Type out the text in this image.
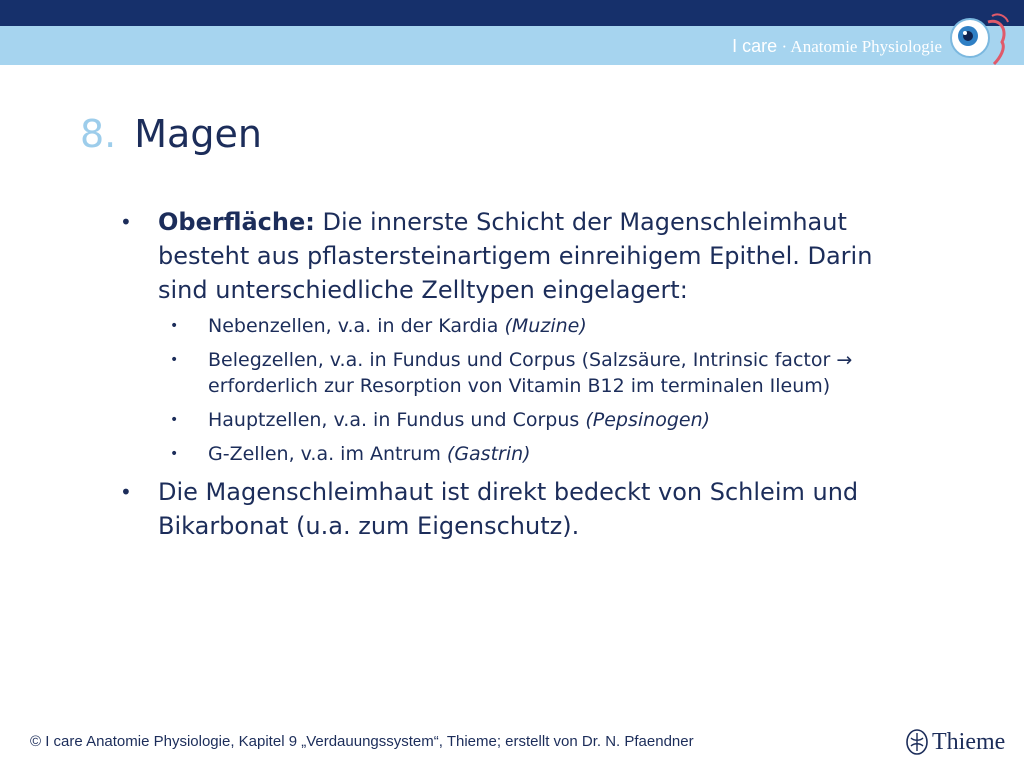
I care · Anatomie Physiologie
8. Magen
• Oberfläche: Die innerste Schicht der Magenschleimhaut besteht aus pflastersteinartigem einreihigem Epithel. Darin sind unterschiedliche Zelltypen eingelagert:
• Nebenzellen, v.a. in der Kardia (Muzine)
• Belegzellen, v.a. in Fundus und Corpus (Salzsäure, Intrinsic factor → erforderlich zur Resorption von Vitamin B12 im terminalen Ileum)
• Hauptzellen, v.a. in Fundus und Corpus (Pepsinogen)
• G-Zellen, v.a. im Antrum (Gastrin)
• Die Magenschleimhaut ist direkt bedeckt von Schleim und Bikarbonat (u.a. zum Eigenschutz).
© I care Anatomie Physiologie, Kapitel 9 „Verdauungssystem“, Thieme; erstellt von Dr. N. Pfaendner	Thieme
